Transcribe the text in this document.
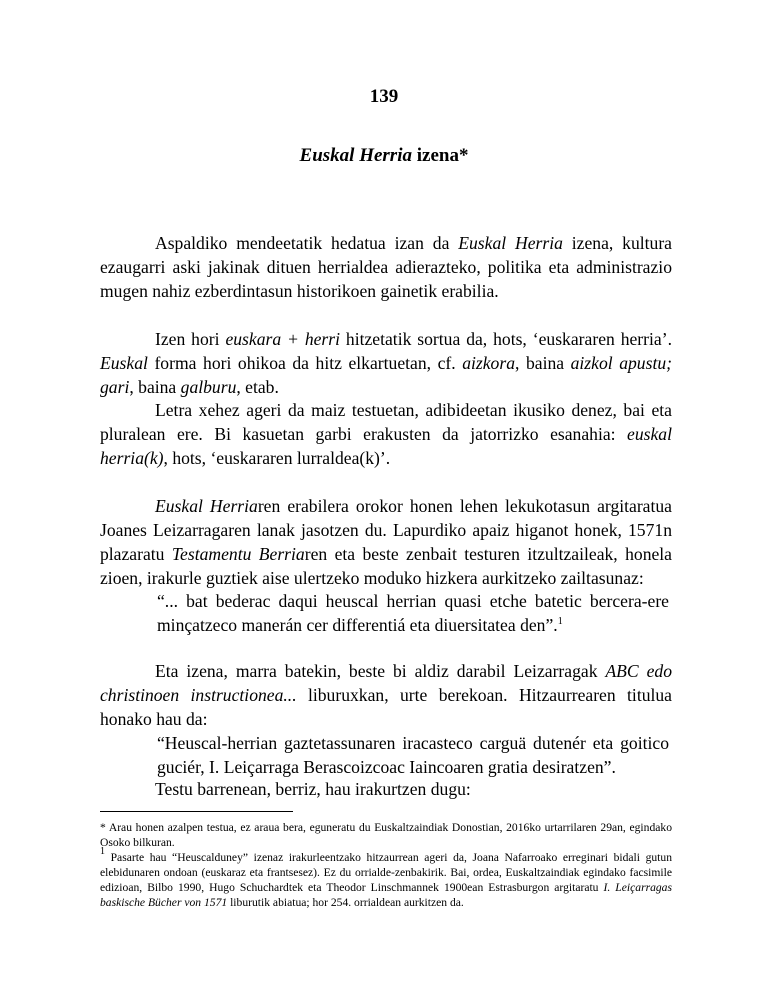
139
Euskal Herria izena*

Aspaldiko mendeetatik hedatua izan da Euskal Herria izena, kultura ezaugarri aski jakinak dituen herrialdea adierazteko, politika eta administrazio mugen nahiz ezberdintasun historikoen gainetik erabilia.

Izen hori euskara + herri hitzetatik sortua da, hots, ‘euskararen herria’. Euskal forma hori ohikoa da hitz elkartuetan, cf. aizkora, baina aizkol apustu; gari, baina galburu, etab.

Letra xehez ageri da maiz testuetan, adibideetan ikusiko denez, bai eta pluralean ere. Bi kasuetan garbi erakusten da jatorrizko esanahia: euskal herria(k), hots, ‘euskararen lurraldea(k)’.

Euskal Herriaren erabilera orokor honen lehen lekukotasun argitaratua Joanes Leizarragaren lanak jasotzen du. Lapurdiko apaiz higanot honek, 1571n plazaratu Testamentu Berriaren eta beste zenbait testuren itzultzaileak, honela zioen, irakurle guztiek aise ulertzeko moduko hizkera aurkitzeko zailtasunaz:

“... bat bederac daqui heuscal herrian quasi etche batetic bercera-ere minçatzeco manerán cer differentiá eta diuersitatea den”.$^1$

Eta izena, marra batekin, beste bi aldiz darabil Leizarragak ABC edo christinoen instructionea... liburuxkan, urte berekoan. Hitzaurrearen titulua honako hau da:

“Heuscal-herrian gaztetassunaren iracasteco carguä dutenér eta goitico guciér, I. Leiçarraga Berascoizcoac Iaincoaren gratia desiratzen”.

Testu barrenean, berriz, hau irakurtzen dugu:

* Arau honen azalpen testua, ez araua bera, eguneratu du Euskaltzaindiak Donostian, 2016ko urtarrilaren 29an, egindako Osoko bilkuran.

$^1$ Pasarte hau “Heuscalduney” izenaz irakurleentzako hitzaurrean ageri da, Joana Nafarroako erreginari bidali gutun elebidunaren ondoan (euskaraz eta frantsesez). Ez du orrialde-zenbakirik. Bai, ordea, Euskaltzaindiak egindako facsimile edizioan, Bilbo 1990, Hugo Schuchardtek eta Theodor Linschmannek 1900ean Estrasburgon argitaratu I. Leiçarragas baskische Bücher von 1571 liburutik abiatua; hor 254. orrialdean aurkitzen da.
